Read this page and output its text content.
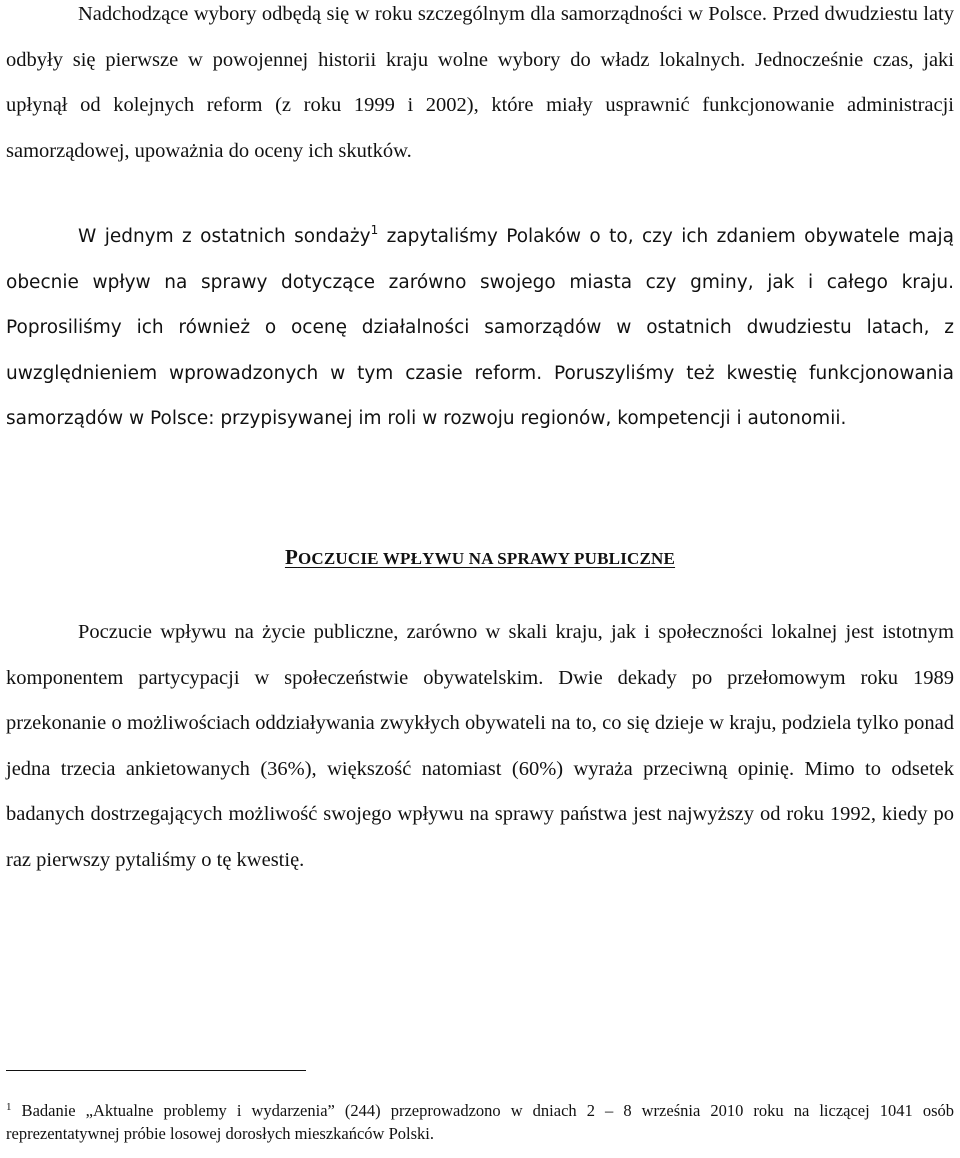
Nadchodzące wybory odbędą się w roku szczególnym dla samorządności w Polsce. Przed dwudziestu laty odbyły się pierwsze w powojennej historii kraju wolne wybory do władz lokalnych. Jednocześnie czas, jaki upłynął od kolejnych reform (z roku 1999 i 2002), które miały usprawnić funkcjonowanie administracji samorządowej, upoważnia do oceny ich skutków.

W jednym z ostatnich sondaży$^1$ zapytaliśmy Polaków o to, czy ich zdaniem obywatele mają obecnie wpływ na sprawy dotyczące zarówno swojego miasta czy gminy, jak i całego kraju. Poprosiliśmy ich również o ocenę działalności samorządów w ostatnich dwudziestu latach, z uwzględnieniem wprowadzonych w tym czasie reform. Poruszyliśmy też kwestię funkcjonowania samorządów w Polsce: przypisywanej im roli w rozwoju regionów, kompetencji i autonomii.

POCZUCIE WPŁYWU NA SPRAWY PUBLICZNE

Poczucie wpływu na życie publiczne, zarówno w skali kraju, jak i społeczności lokalnej jest istotnym komponentem partycypacji w społeczeństwie obywatelskim. Dwie dekady po przełomowym roku 1989 przekonanie o możliwościach oddziaływania zwykłych obywateli na to, co się dzieje w kraju, podziela tylko ponad jedna trzecia ankietowanych (36%), większość natomiast (60%) wyraża przeciwną opinię. Mimo to odsetek badanych dostrzegających możliwość swojego wpływu na sprawy państwa jest najwyższy od roku 1992, kiedy po raz pierwszy pytaliśmy o tę kwestię.

$^1$ Badanie „Aktualne problemy i wydarzenia” (244) przeprowadzono w dniach 2 – 8 września 2010 roku na liczącej 1041 osób reprezentatywnej próbie losowej dorosłych mieszkańców Polski.
